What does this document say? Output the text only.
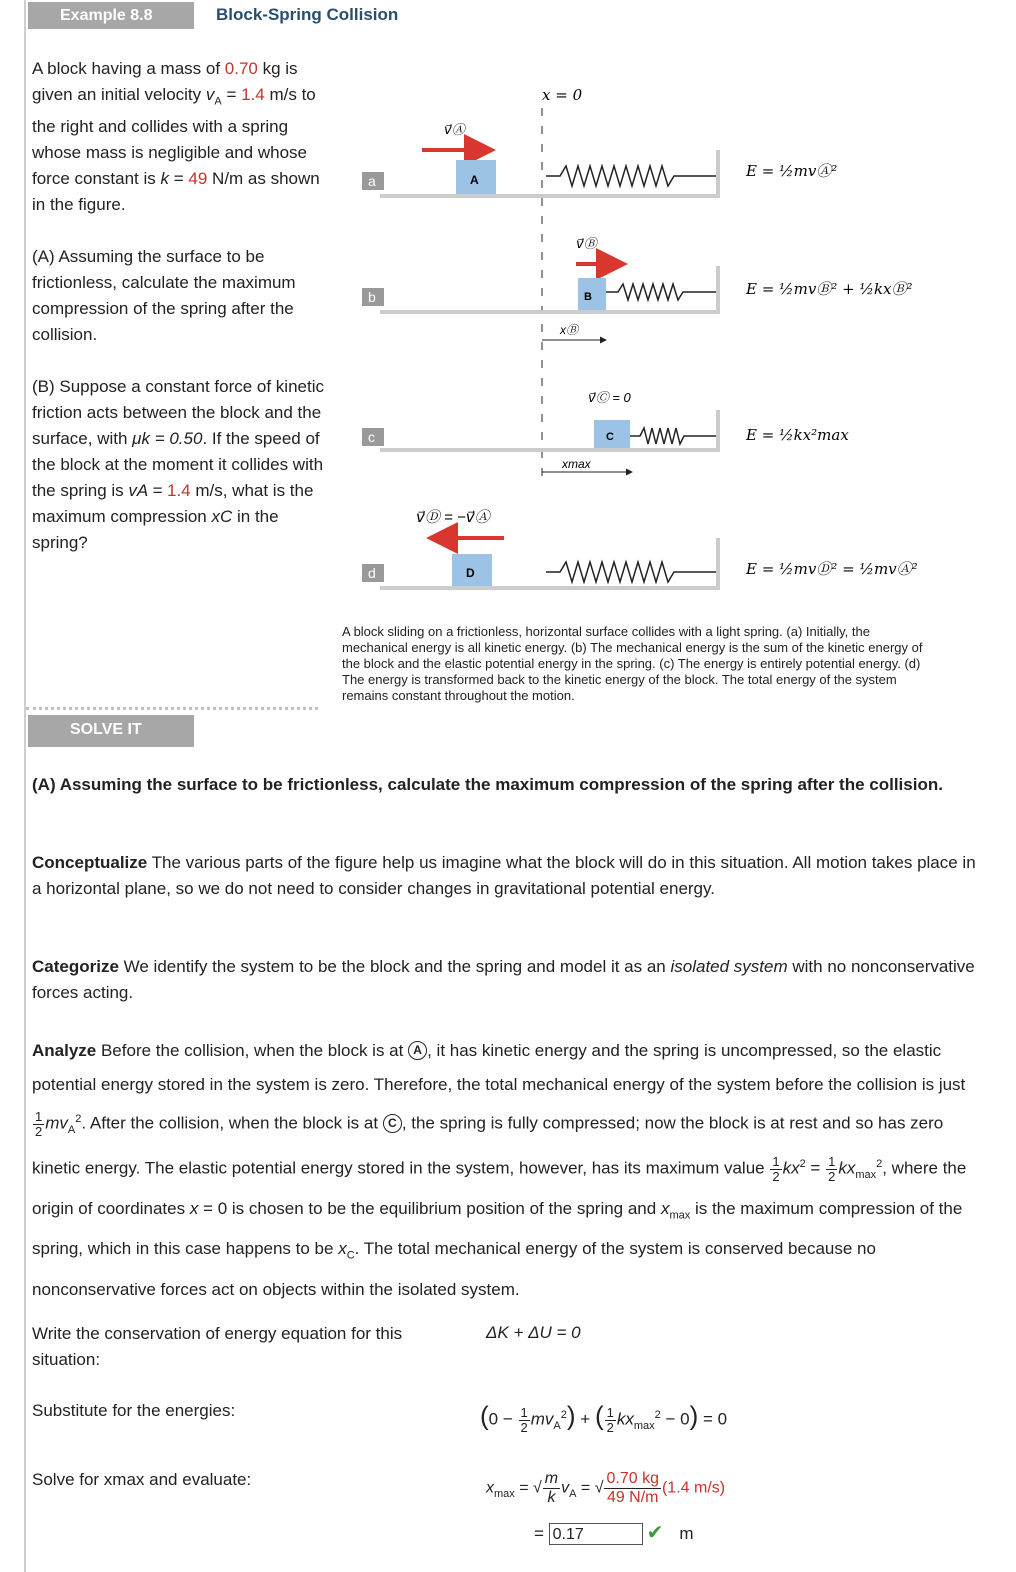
Example 8.8	Block-Spring Collision

A block having a mass of 0.70 kg is given an initial velocity $v_A = 1.4$ m/s to the right and collides with a spring whose mass is negligible and whose force constant is k = 49 N/m as shown in the figure.

(A) Assuming the surface to be frictionless, calculate the maximum compression of the spring after the collision.

(B) Suppose a constant force of kinetic friction acts between the block and the surface, with μk = 0.50. If the speed of the block at the moment it collides with the spring is vA = 1.4 m/s, what is the maximum compression xC in the spring?

x = 0
a
v⃗Ⓐ
A	E = ½mvⒶ²
b
v⃗Ⓑ
B
xⒷ
E = ½mvⒷ² + ½kxⒷ²
c
v⃗Ⓒ = 0
C
xmax
E = ½kx²max
d
v⃗Ⓓ = −v⃗Ⓐ
D	E = ½mvⒹ² = ½mvⒶ²
A block sliding on a frictionless, horizontal surface collides with a light spring. (a) Initially, the mechanical energy is all kinetic energy. (b) The mechanical energy is the sum of the kinetic energy of the block and the elastic potential energy in the spring. (c) The energy is entirely potential energy. (d) The energy is transformed back to the kinetic energy of the block. The total energy of the system remains constant throughout the motion.
SOLVE IT
(A) Assuming the surface to be frictionless, calculate the maximum compression of the spring after the collision.
Conceptualize The various parts of the figure help us imagine what the block will do in this situation. All motion takes place in a horizontal plane, so we do not need to consider changes in gravitational potential energy.
Categorize We identify the system to be the block and the spring and model it as an isolated system with no nonconservative forces acting.
Analyze Before the collision, when the block is at A , it has kinetic energy and the spring is uncompressed, so the elastic potential energy stored in the system is zero. Therefore, the total mechanical energy of the system before the collision is just
$\frac{1}{2} mv_A^2$. After the collision, when the block is at C , the spring is fully compressed; now the block is at rest and so has zero kinetic energy. The elastic potential energy stored in the system, however, has its maximum value $\frac{1}{2} kx^2 = \frac{1}{2} kx_{max}^2$, where the origin of coordinates x = 0 is chosen to be the equilibrium position of the spring and $x_{max}$ is the maximum compression of the spring, which in this case happens to be $x_C$. The total mechanical energy of the system is conserved because no nonconservative forces act on objects within the isolated system.
Write the conservation of energy equation for this situation:
ΔK + ΔU = 0
Substitute for the energies:	$(0 - \frac{1}{2} mv_A^2)$ + ( $\frac{1}{2} kx_{max}^2 - 0) = 0$
Solve for xmax and evaluate:	$x_{max}$ = √ $\frac{m}{k} v_A$ = √ $\frac{0.70 kg}{49 N/m} (1.4$ m/s)
= 0.17	✔ m
